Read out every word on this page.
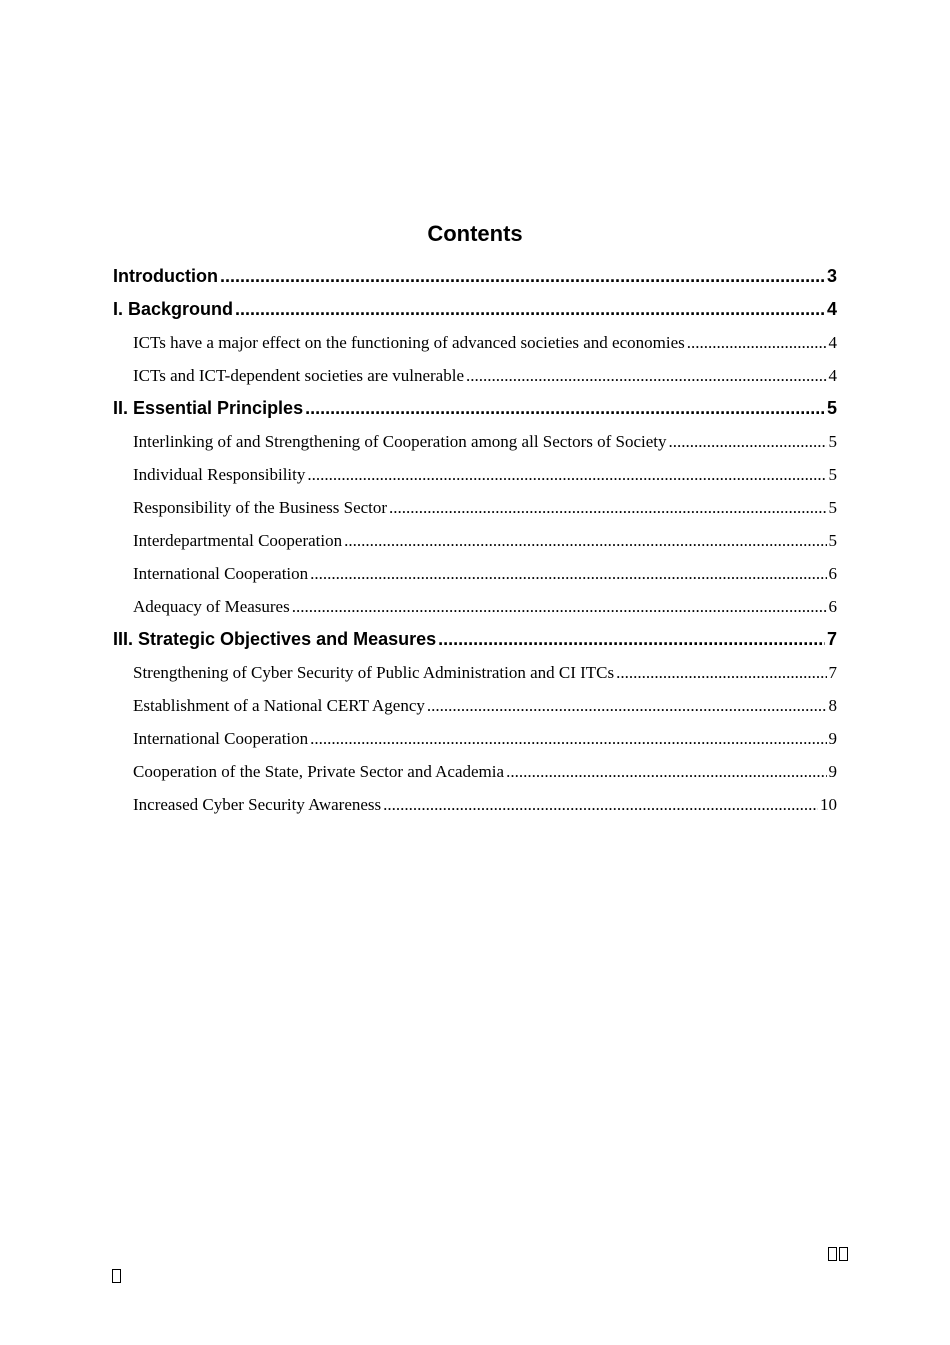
Contents
Introduction .....	3
I. Background .....	4
ICTs have a major effect on the functioning of advanced societies and economies .....	4
ICTs and ICT-dependent societies are vulnerable .....	4
II. Essential Principles .....	5
Interlinking of and Strengthening of Cooperation among all Sectors of Society .....	5
Individual Responsibility .....	5
Responsibility of the Business Sector .....	5
Interdepartmental Cooperation .....	5
International Cooperation .....	6
Adequacy of Measures .....	6
III. Strategic Objectives and Measures .....	7
Strengthening of Cyber Security of Public Administration and CI ITCs .....	7
Establishment of a National CERT Agency .....	8
International Cooperation .....	9
Cooperation of the State, Private Sector and Academia .....	9
Increased Cyber Security Awareness .....	10
